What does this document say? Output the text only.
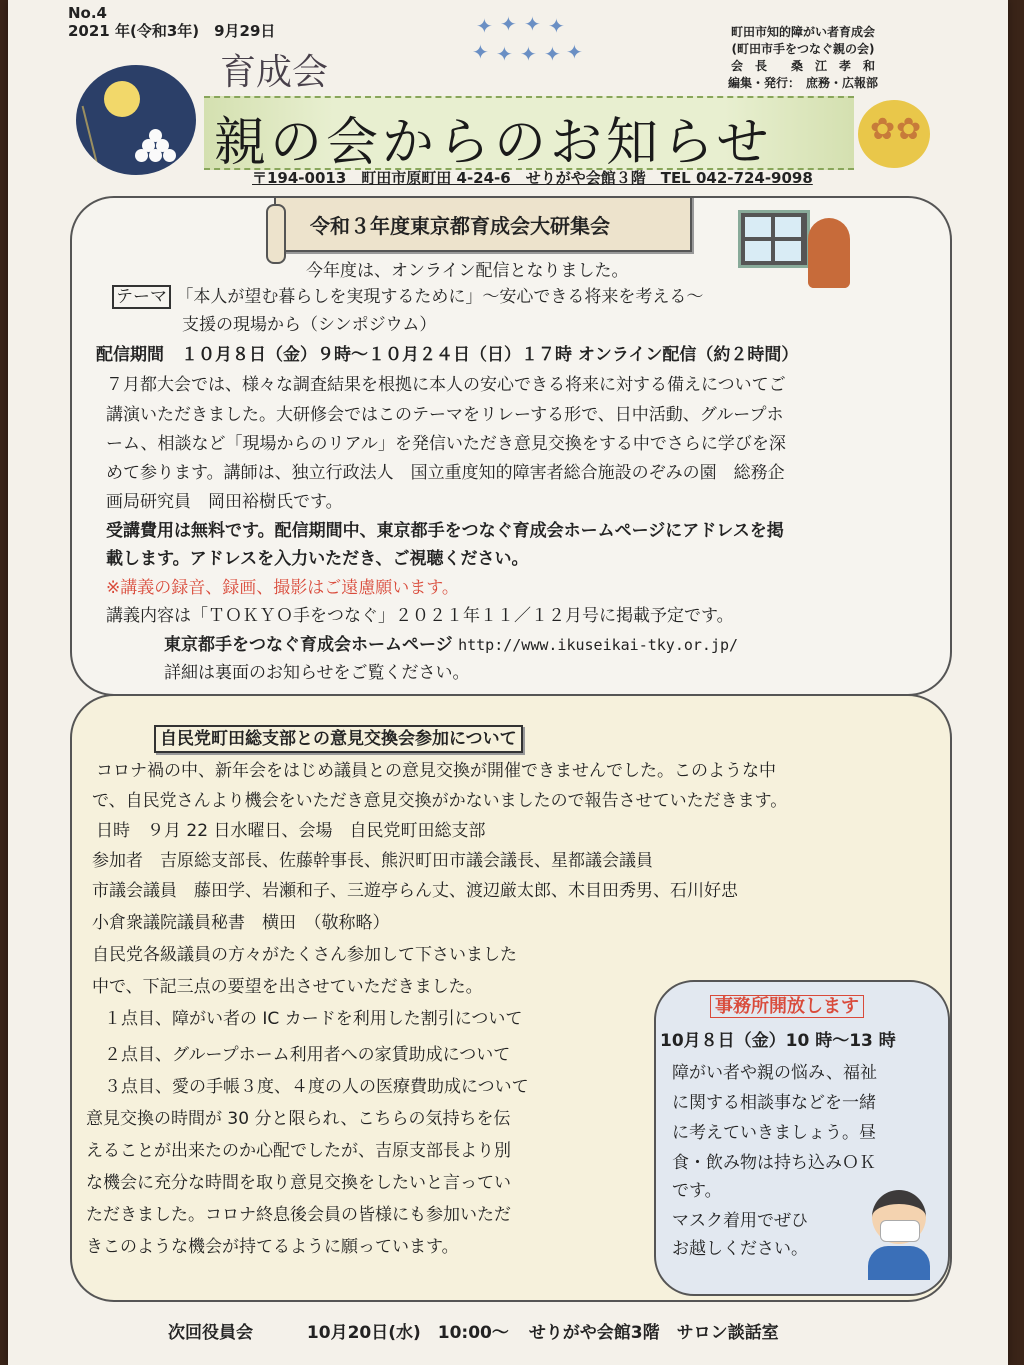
No.4
2021 年(令和3年)　9月29日	✦ ✦ ✦ ✦
✦ ✦ ✦ ✦ ✦
町田市知的障がい者育成会
(町田市手をつなぐ親の会)
会　長　　桑　江　孝　和
編集・発行：　庶務・広報部
育成会
親の会からのお知らせ	✿ ✿
〒194-0013　町田市原町田 4-24-6　せりがや会館３階　TEL 042-724-9098
令和３年度東京都育成会大研集会
今年度は、オンライン配信となりました。
テーマ 「本人が望む暮らしを実現するために」～安心できる将来を考える～
支援の現場から（シンポジウム）
配信期間　１０月８日（金）９時～１０月２４日（日）１７時 オンライン配信（約２時間）
７月都大会では、様々な調査結果を根拠に本人の安心できる将来に対する備えについてご
講演いただきました。大研修会ではこのテーマをリレーする形で、日中活動、グループホ
ーム、相談など「現場からのリアル」を発信いただき意見交換をする中でさらに学びを深
めて参ります。講師は、独立行政法人　国立重度知的障害者総合施設のぞみの園　総務企
画局研究員　岡田裕樹氏です。
受講費用は無料です。配信期間中、東京都手をつなぐ育成会ホームページにアドレスを掲
載します。アドレスを入力いただき、ご視聴ください。
※講義の録音、録画、撮影はご遠慮願います。
講義内容は「ＴＯＫＹＯ手をつなぐ」２０２１年１１／１２月号に掲載予定です。
東京都手をつなぐ育成会ホームページ http://www.ikuseikai-tky.or.jp/
詳細は裏面のお知らせをご覧ください。
自民党町田総支部との意見交換会参加について
コロナ禍の中、新年会をはじめ議員との意見交換が開催できませんでした。このような中
で、自民党さんより機会をいただき意見交換がかないましたので報告させていただきます。
日時　９月 22 日水曜日、会場　自民党町田総支部
参加者　吉原総支部長、佐藤幹事長、熊沢町田市議会議長、星都議会議員
市議会議員　藤田学、岩瀬和子、三遊亭らん丈、渡辺厳太郎、木目田秀男、石川好忠
小倉衆議院議員秘書　横田　（敬称略）
自民党各級議員の方々がたくさん参加して下さいました
中で、下記三点の要望を出させていただきました。
１点目、障がい者の IC カードを利用した割引について
２点目、グループホーム利用者への家賃助成について
３点目、愛の手帳３度、４度の人の医療費助成について
意見交換の時間が 30 分と限られ、こちらの気持ちを伝
えることが出来たのか心配でしたが、吉原支部長より別
な機会に充分な時間を取り意見交換をしたいと言ってい
ただきました。コロナ終息後会員の皆様にも参加いただ
きこのような機会が持てるように願っています。
事務所開放します
10月８日（金）10 時～13 時
障がい者や親の悩み、福祉
に関する相談事などを一緒
に考えていきましょう。昼
食・飲み物は持ち込みＯＫ
です。
マスク着用でぜひ
お越しください。
次回役員会	10月20日(水)　10:00～ せりがや会館3階　サロン談話室
